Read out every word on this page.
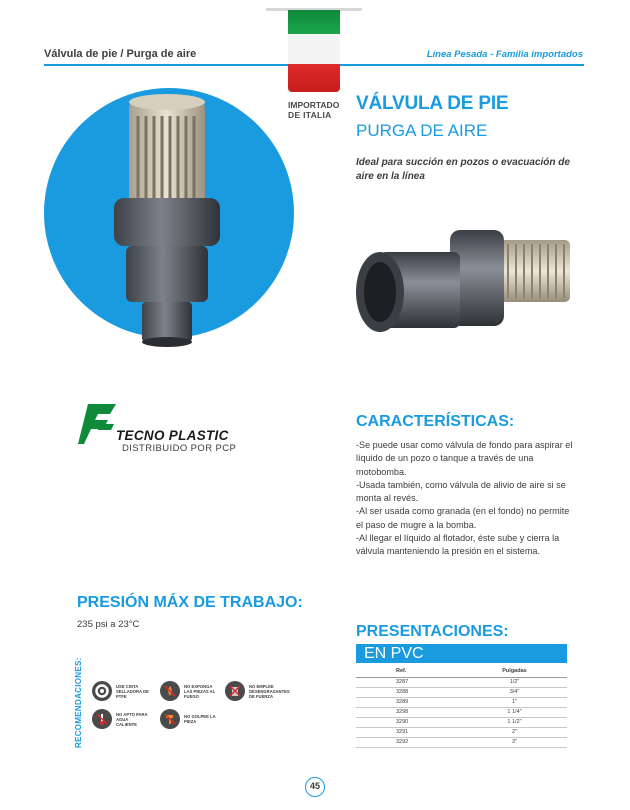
Válvula de pie / Purga de aire	Línea Pesada - Familia importados
IMPORTADO
DE ITALIA
VÁLVULA DE PIE
PURGA DE AIRE
Ideal para succión en pozos o evacuación de aire en la línea
TECNO PLASTIC
DISTRIBUIDO POR PCP
CARACTERÍSTICAS:

-Se puede usar como válvula de fondo para aspirar el líquido de un pozo o tanque a través de una motobomba.

-Usada también, como válvula de alivio de aire si se monta al revés.

-Al ser usada como granada (en el fondo) no permite el paso de mugre a la bomba.

-Al llegar el líquido al flotador, éste sube y cierra la válvula manteniendo la presión en el sistema.

PRESIÓN MÁX DE TRABAJO:
235 psi a 23°C	PRESENTACIONES:
EN PVC
Ref.	Pulgadas
3287	1/2"
3288	3/4"
3289	1"
3298	1 1/4"
3290	1 1/2"
3291	2"
3292	3"
RECOMENDACIONES:	USE CINTA SELLADORA DE PTFE
NO EXPONGA LAS PIEZAS AL FUEGO
NO EMPLEE DESENGRASANTES DE FUERZA
NO APTO PARA AGUA CALIENTE
NO GOLPEE LA PIEZA
45
